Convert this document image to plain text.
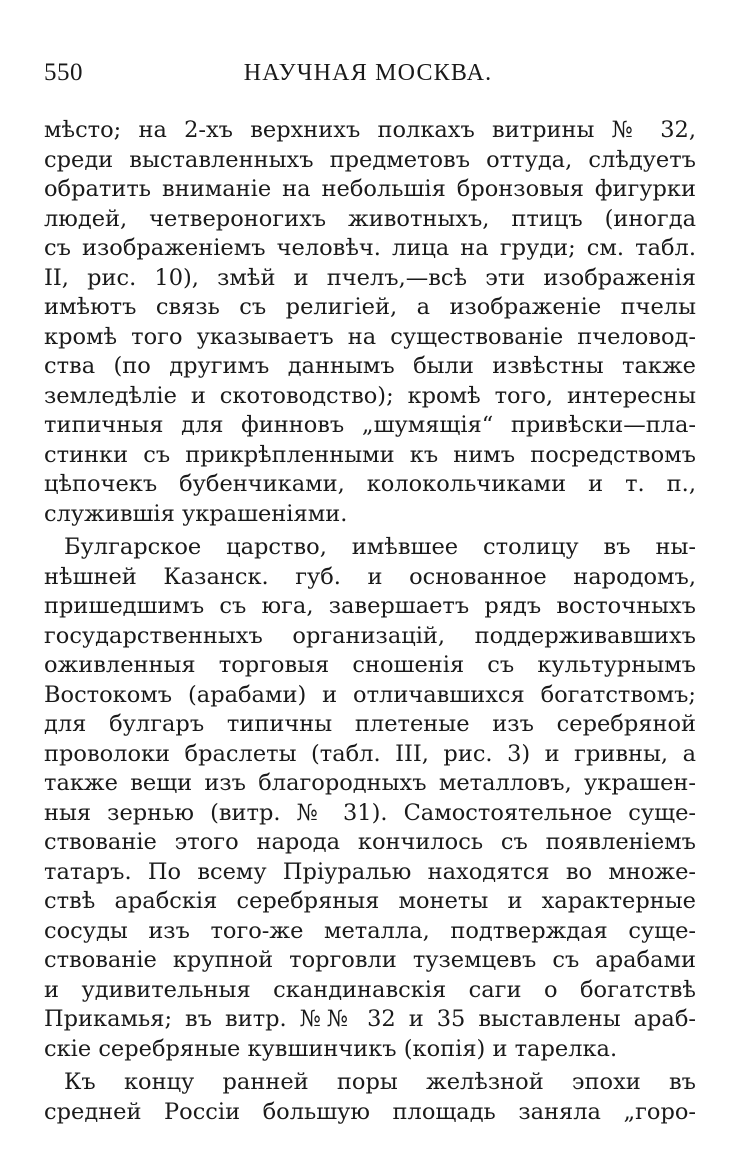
550	НАУЧНАЯ МОСКВА.
мѣсто; на 2-хъ верхнихъ полкахъ витрины № 32,
среди выставленныхъ предметовъ оттуда, слѣдуетъ
обратить вниманіе на небольшія бронзовыя фигурки
людей, четвероногихъ животныхъ, птицъ (иногда
съ изображеніемъ человѣч. лица на груди; см. табл.
II, рис. 10), змѣй и пчелъ,—всѣ эти изображенія
имѣютъ связь съ религіей, а изображеніе пчелы
кромѣ того указываетъ на существованіе пчеловод-
ства (по другимъ даннымъ были извѣстны также
земледѣліе и скотоводство); кромѣ того, интересны
типичныя для финновъ „шумящія“ привѣски—пла-
стинки съ прикрѣпленными къ нимъ посредствомъ
цѣпочекъ бубенчиками, колокольчиками и т. п.,
служившія украшеніями.
Булгарское царство, имѣвшее столицу въ ны-
нѣшней Казанск. губ. и основанное народомъ,
пришедшимъ съ юга, завершаетъ рядъ восточныхъ
государственныхъ организацій, поддерживавшихъ
оживленныя торговыя сношенія съ культурнымъ
Востокомъ (арабами) и отличавшихся богатствомъ;
для булгаръ типичны плетеные изъ серебряной
проволоки браслеты (табл. III, рис. 3) и гривны, а
также вещи изъ благородныхъ металловъ, украшен-
ныя зернью (витр. № 31). Самостоятельное суще-
ствованіе этого народа кончилось съ появленіемъ
татаръ. По всему Пріуралью находятся во множе-
ствѣ арабскія серебряныя монеты и характерные
сосуды изъ того-же металла, подтверждая суще-
ствованіе крупной торговли туземцевъ съ арабами
и удивительныя скандинавскія саги о богатствѣ
Прикамья; въ витр. №№ 32 и 35 выставлены араб-
скіе серебряные кувшинчикъ (копія) и тарелка.
Къ концу ранней поры желѣзной эпохи въ
средней Россіи большую площадь заняла „горо-
